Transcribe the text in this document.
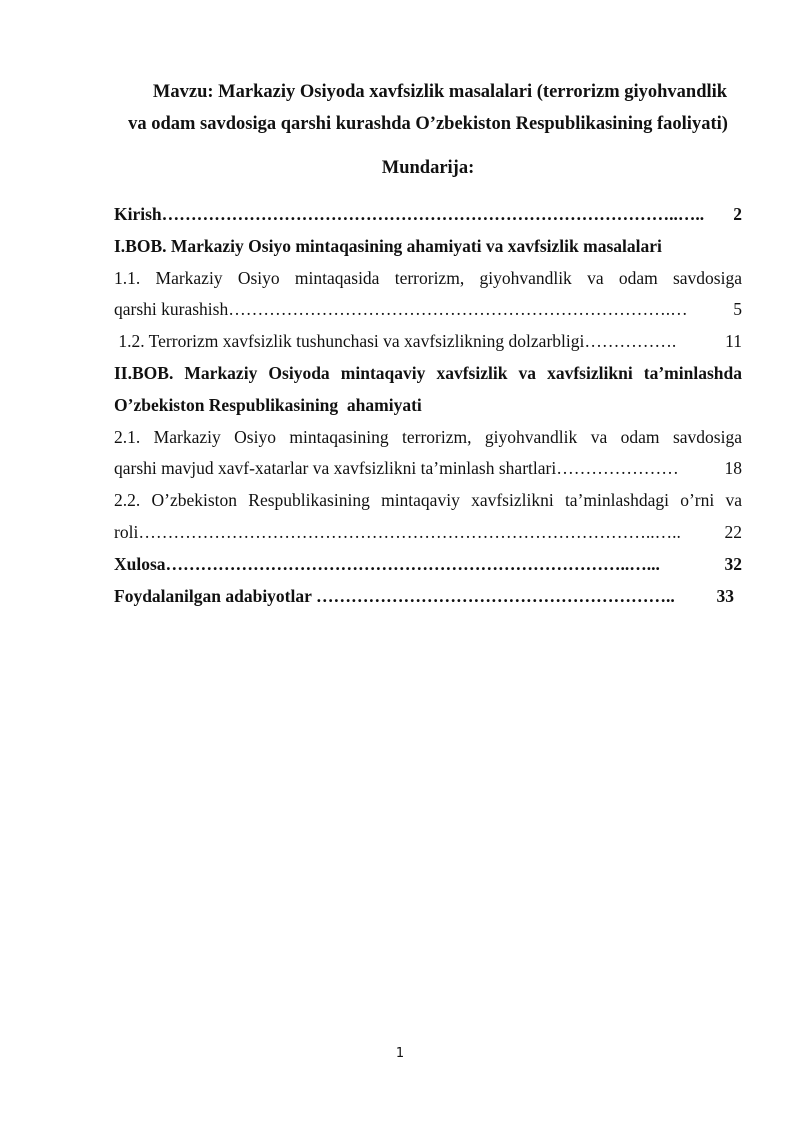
Mavzu: Markaziy Osiyoda xavfsizlik masalalari (terrorizm giyohvandlik
va odam savdosiga qarshi kurashda O’zbekiston Respublikasining faoliyati)
Mundarija:
Kirish ……………………………………………………………………………..…..	2
I.BOB. Markaziy Osiyo mintaqasining ahamiyati va xavfsizlik masalalari
1.1. Markaziy Osiyo mintaqasida terrorizm, giyohvandlik va odam savdosiga
qarshi kurashish ………………………………………………………………….…	5
1.2. Terrorizm xavfsizlik tushunchasi va xavfsizlikning dolzarbligi …………….	11
II.BOB. Markaziy Osiyoda mintaqaviy xavfsizlik va xavfsizlikni ta’minlashda
O’zbekiston Respublikasining  ahamiyati
2.1. Markaziy Osiyo mintaqasining terrorizm, giyohvandlik va odam savdosiga
qarshi mavjud xavf-xatarlar va xavfsizlikni ta’minlash shartlari …………………	18
2.2. O’zbekiston Respublikasining mintaqaviy xavfsizlikni ta’minlashdagi o’rni va
roli ……………………………………………………………………………..…..	22
Xulosa ……………………………………………………………………..…...	32
Foydalanilgan adabiyotlar ……………………………………………………..	33
1
